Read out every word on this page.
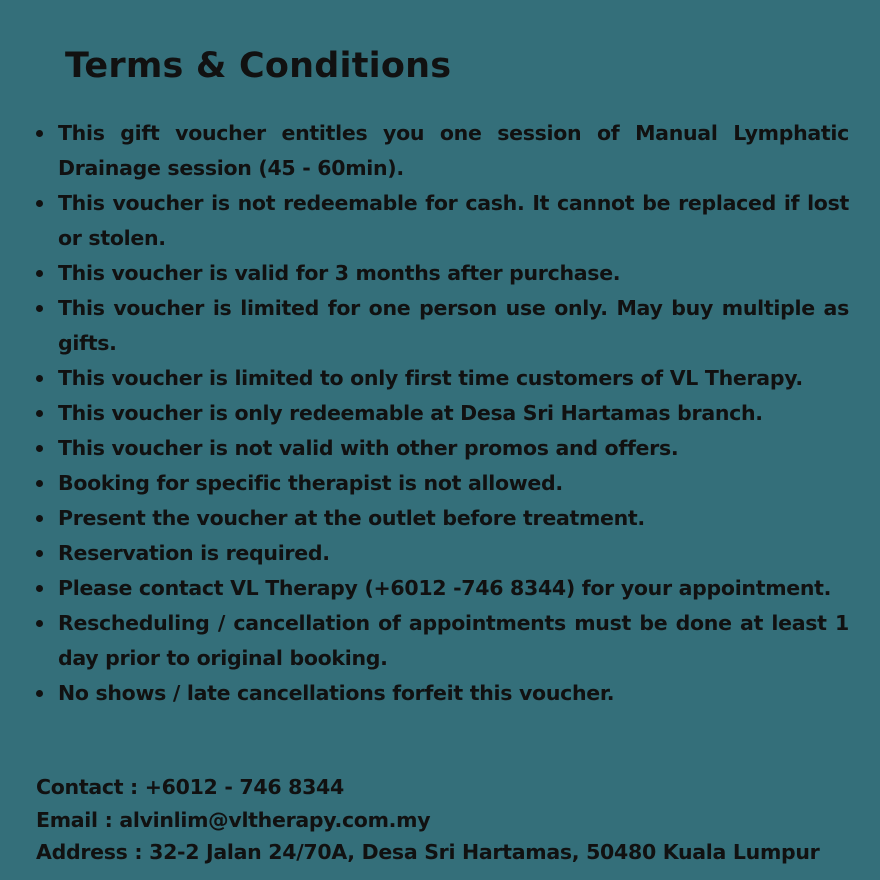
Terms & Conditions
This gift voucher entitles you one session of Manual Lymphatic Drainage session (45 - 60min).
This voucher is not redeemable for cash. It cannot be replaced if lost or stolen.
This voucher is valid for 3 months after purchase.
This voucher is limited for one person use only. May buy multiple as gifts.
This voucher is limited to only first time customers of VL Therapy.
This voucher is only redeemable at Desa Sri Hartamas branch.
This voucher is not valid with other promos and offers.
Booking for specific therapist is not allowed.
Present the voucher at the outlet before treatment.
Reservation is required.
Please contact VL Therapy (+6012 -746 8344) for your appointment.
Rescheduling / cancellation of appointments must be done at least 1 day prior to original booking.
No shows / late cancellations forfeit this voucher.
Contact : +6012 - 746 8344
Email : alvinlim@vltherapy.com.my
Address : 32-2 Jalan 24/70A, Desa Sri Hartamas, 50480 Kuala Lumpur
